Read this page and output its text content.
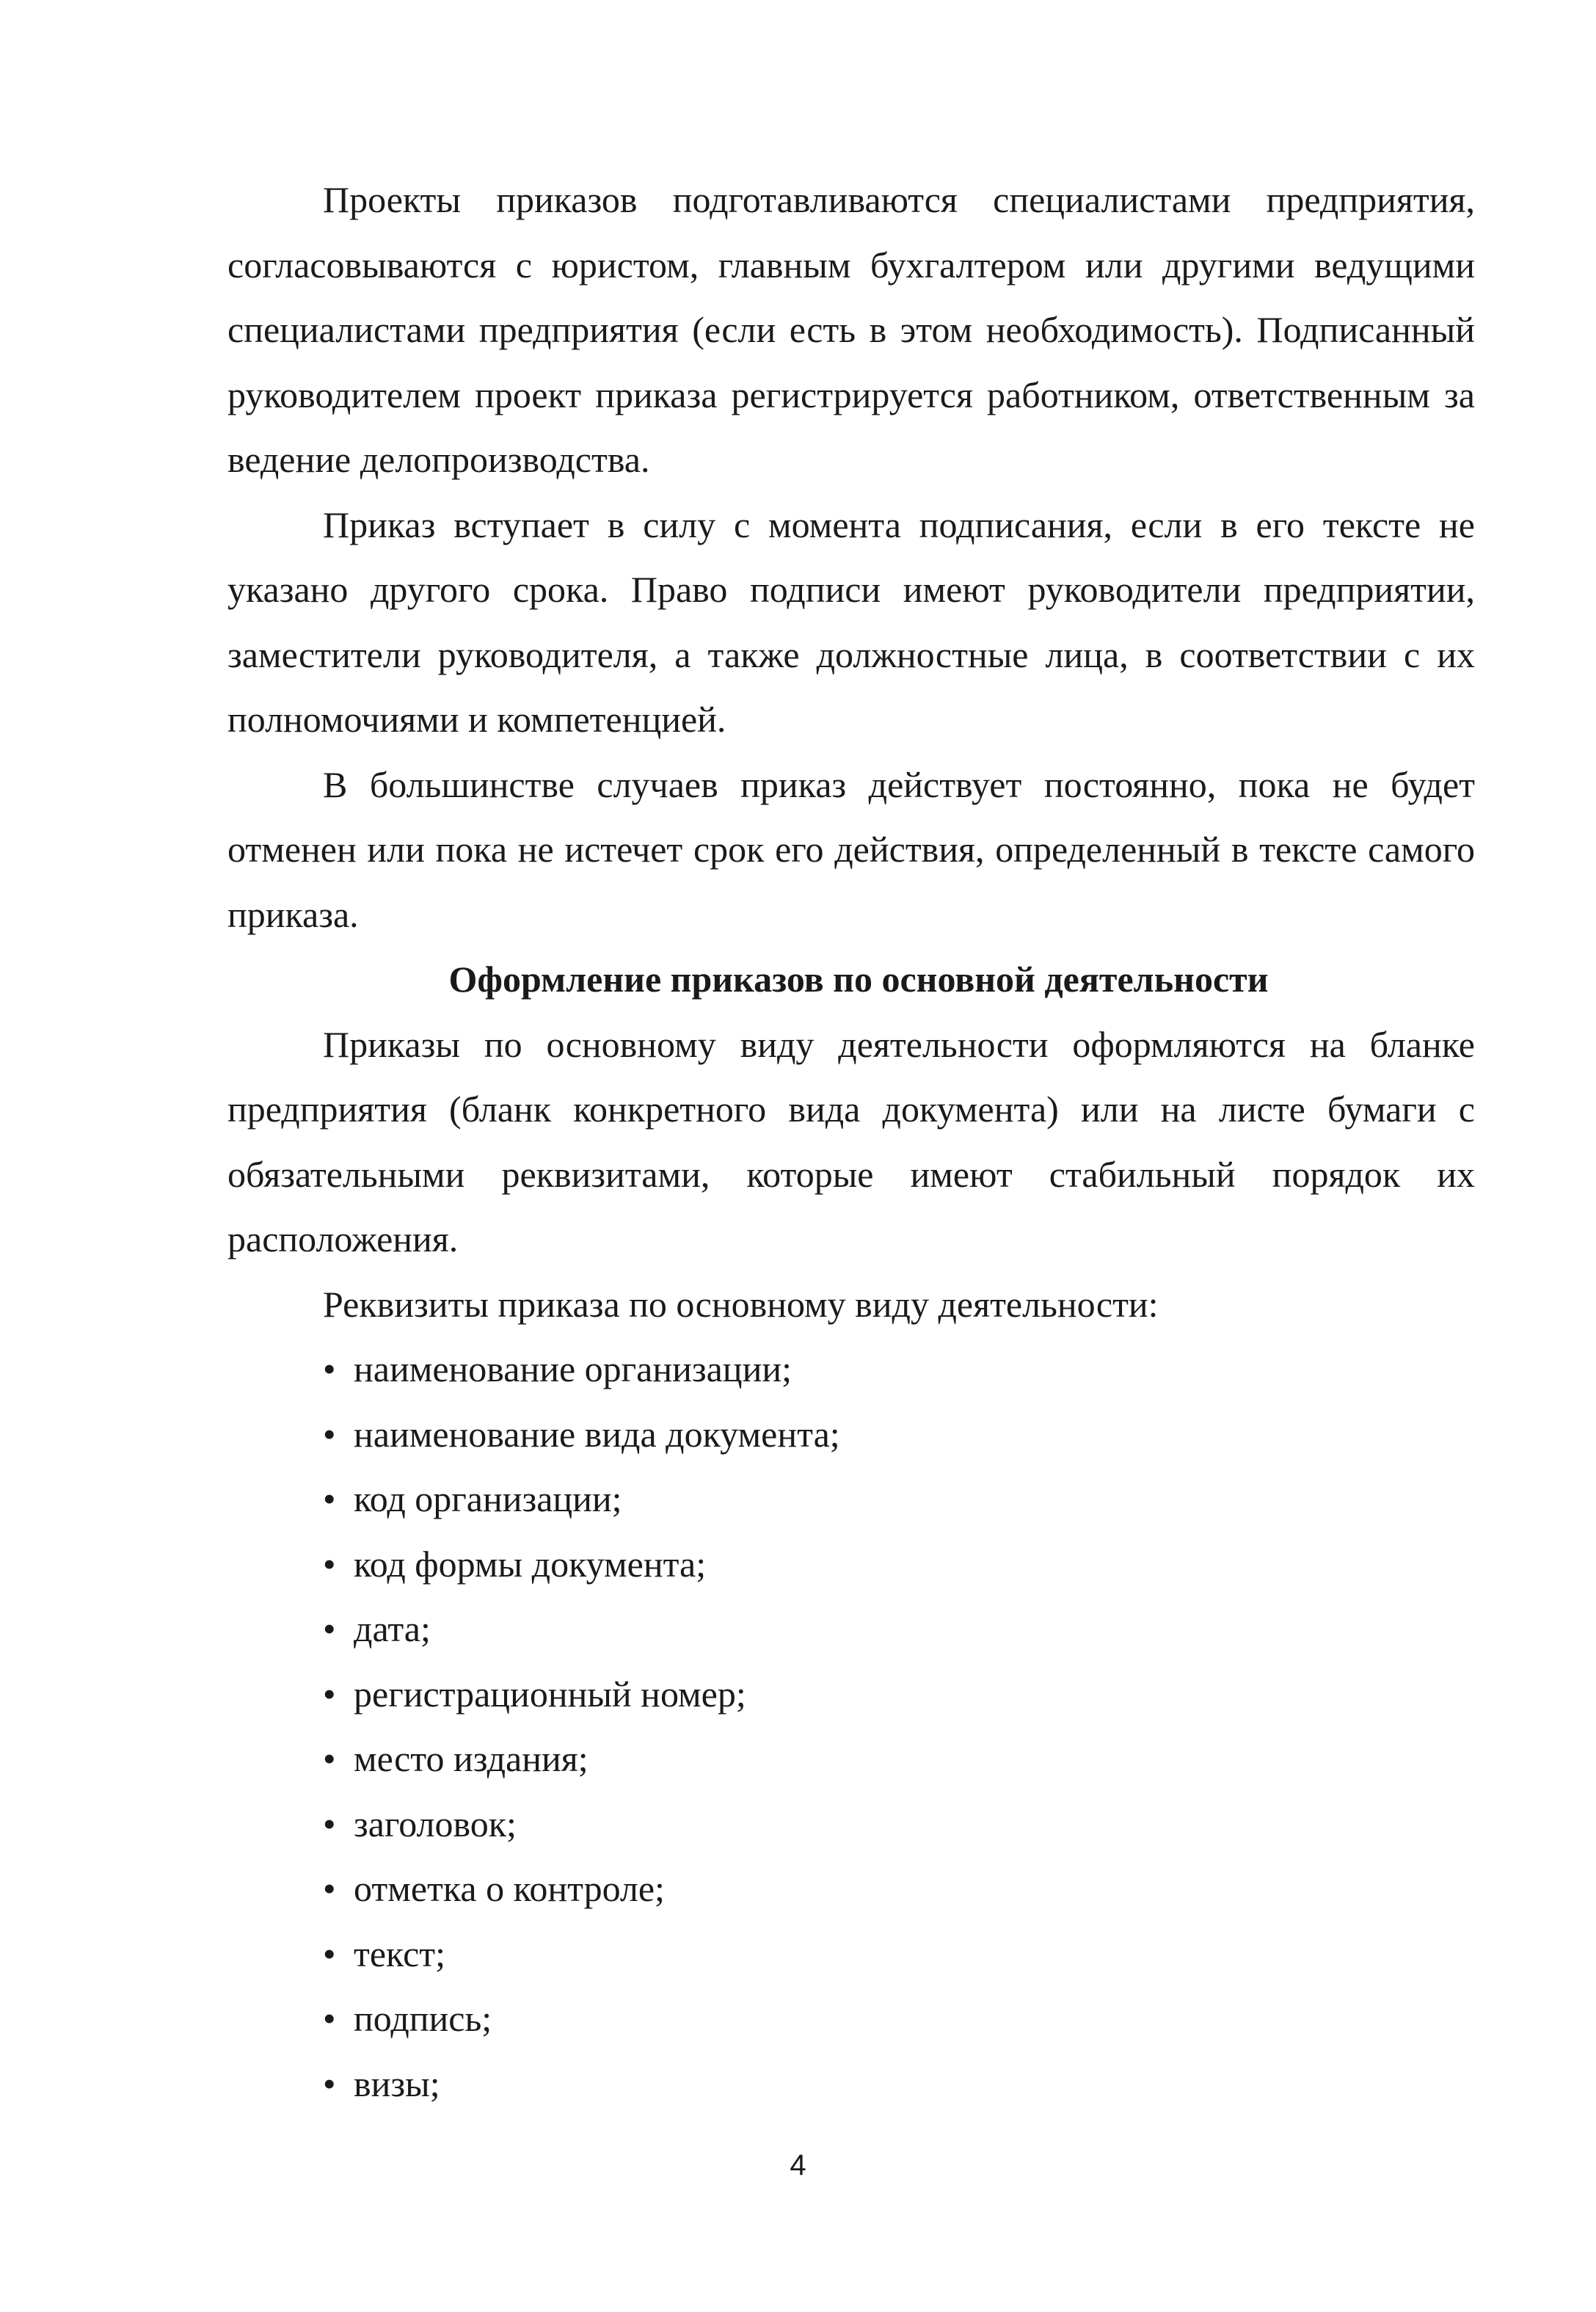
Проекты приказов подготавливаются специалистами предприятия, согласовываются с юристом, главным бухгалтером или другими ведущими специалистами предприятия (если есть в этом необходимость). Подписанный руководителем проект приказа регистрируется работником, ответственным за ведение делопроизводства.

Приказ вступает в силу с момента подписания, если в его тексте не указано другого срока. Право подписи имеют руководители предприятии, заместители руководителя, а также должностные лица, в соответствии с их полномочиями и компетенцией.

В большинстве случаев приказ действует постоянно, пока не будет отменен или пока не истечет срок его действия, определенный в тексте самого приказа.

Оформление приказов по основной деятельности

Приказы по основному виду деятельности оформляются на бланке предприятия (бланк конкретного вида документа) или на листе бумаги с обязательными реквизитами, которые имеют стабильный порядок их расположения.

Реквизиты приказа по основному виду деятельности:

• наименование организации;
• наименование вида документа;
• код организации;
• код формы документа;
• дата;
• регистрационный номер;
• место издания;
• заголовок;
• отметка о контроле;
• текст;
• подпись;
• визы;
4
